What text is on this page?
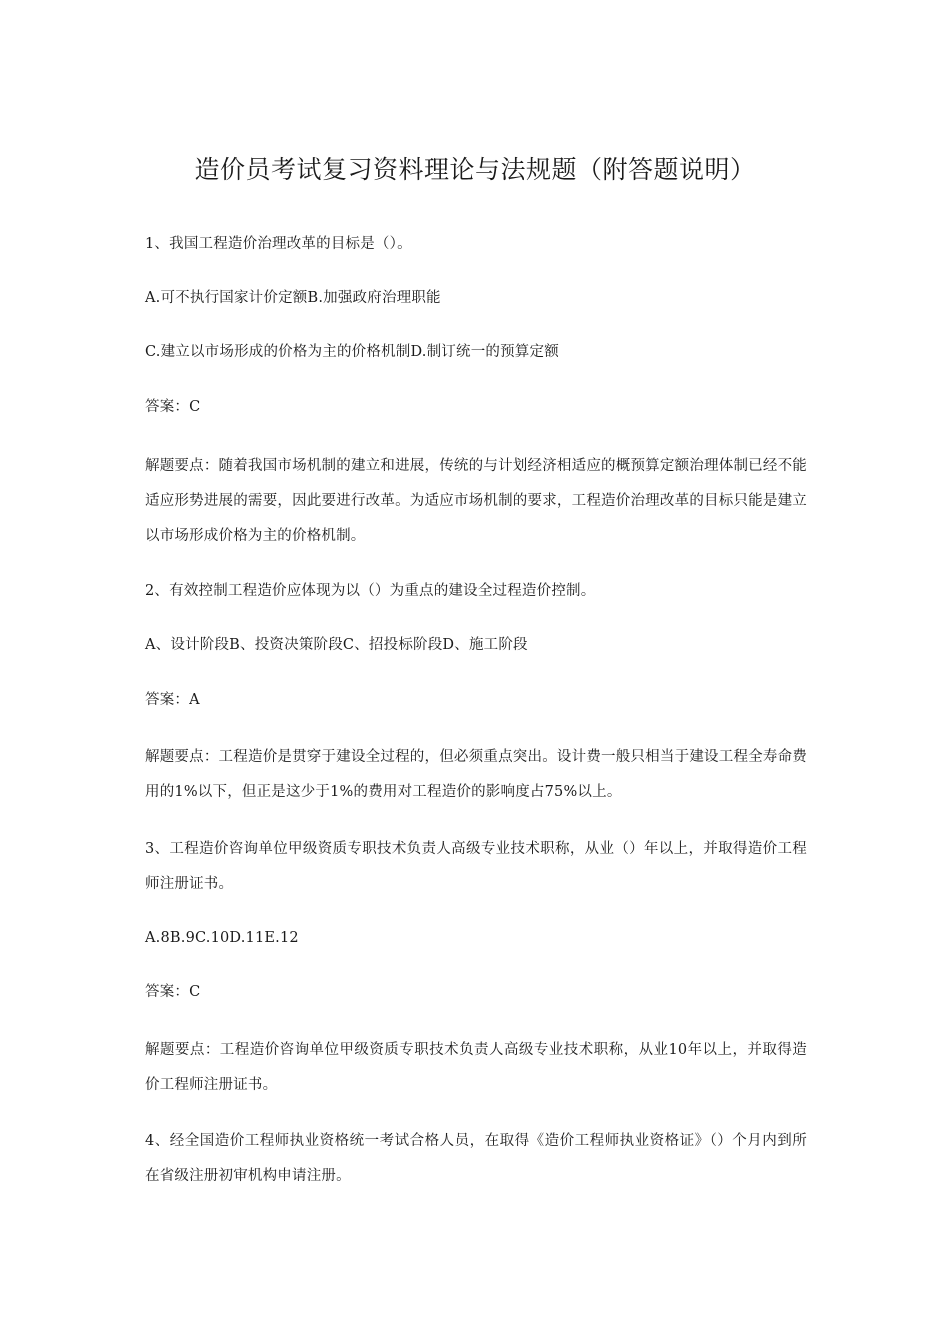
造价员考试复习资料理论与法规题（附答题说明）

1、我国工程造价治理改革的目标是（）。

A.可不执行国家计价定额B.加强政府治理职能

C.建立以市场形成的价格为主的价格机制D.制订统一的预算定额

答案：C

解题要点：随着我国市场机制的建立和进展，传统的与计划经济相适应的概预算定额治理体制已经不能适应形势进展的需要，因此要进行改革。为适应市场机制的要求，工程造价治理改革的目标只能是建立以市场形成价格为主的价格机制。

2、有效控制工程造价应体现为以（）为重点的建设全过程造价控制。

A、设计阶段B、投资决策阶段C、招投标阶段D、施工阶段

答案：A

解题要点：工程造价是贯穿于建设全过程的，但必须重点突出。设计费一般只相当于建设工程全寿命费用的1%以下，但正是这少于1%的费用对工程造价的影响度占75%以上。

3、工程造价咨询单位甲级资质专职技术负责人高级专业技术职称，从业（）年以上，并取得造价工程师注册证书。

A.8B.9C.10D.11E.12

答案：C

解题要点：工程造价咨询单位甲级资质专职技术负责人高级专业技术职称，从业10年以上，并取得造价工程师注册证书。

4、经全国造价工程师执业资格统一考试合格人员，在取得《造价工程师执业资格证》（）个月内到所在省级注册初审机构申请注册。
